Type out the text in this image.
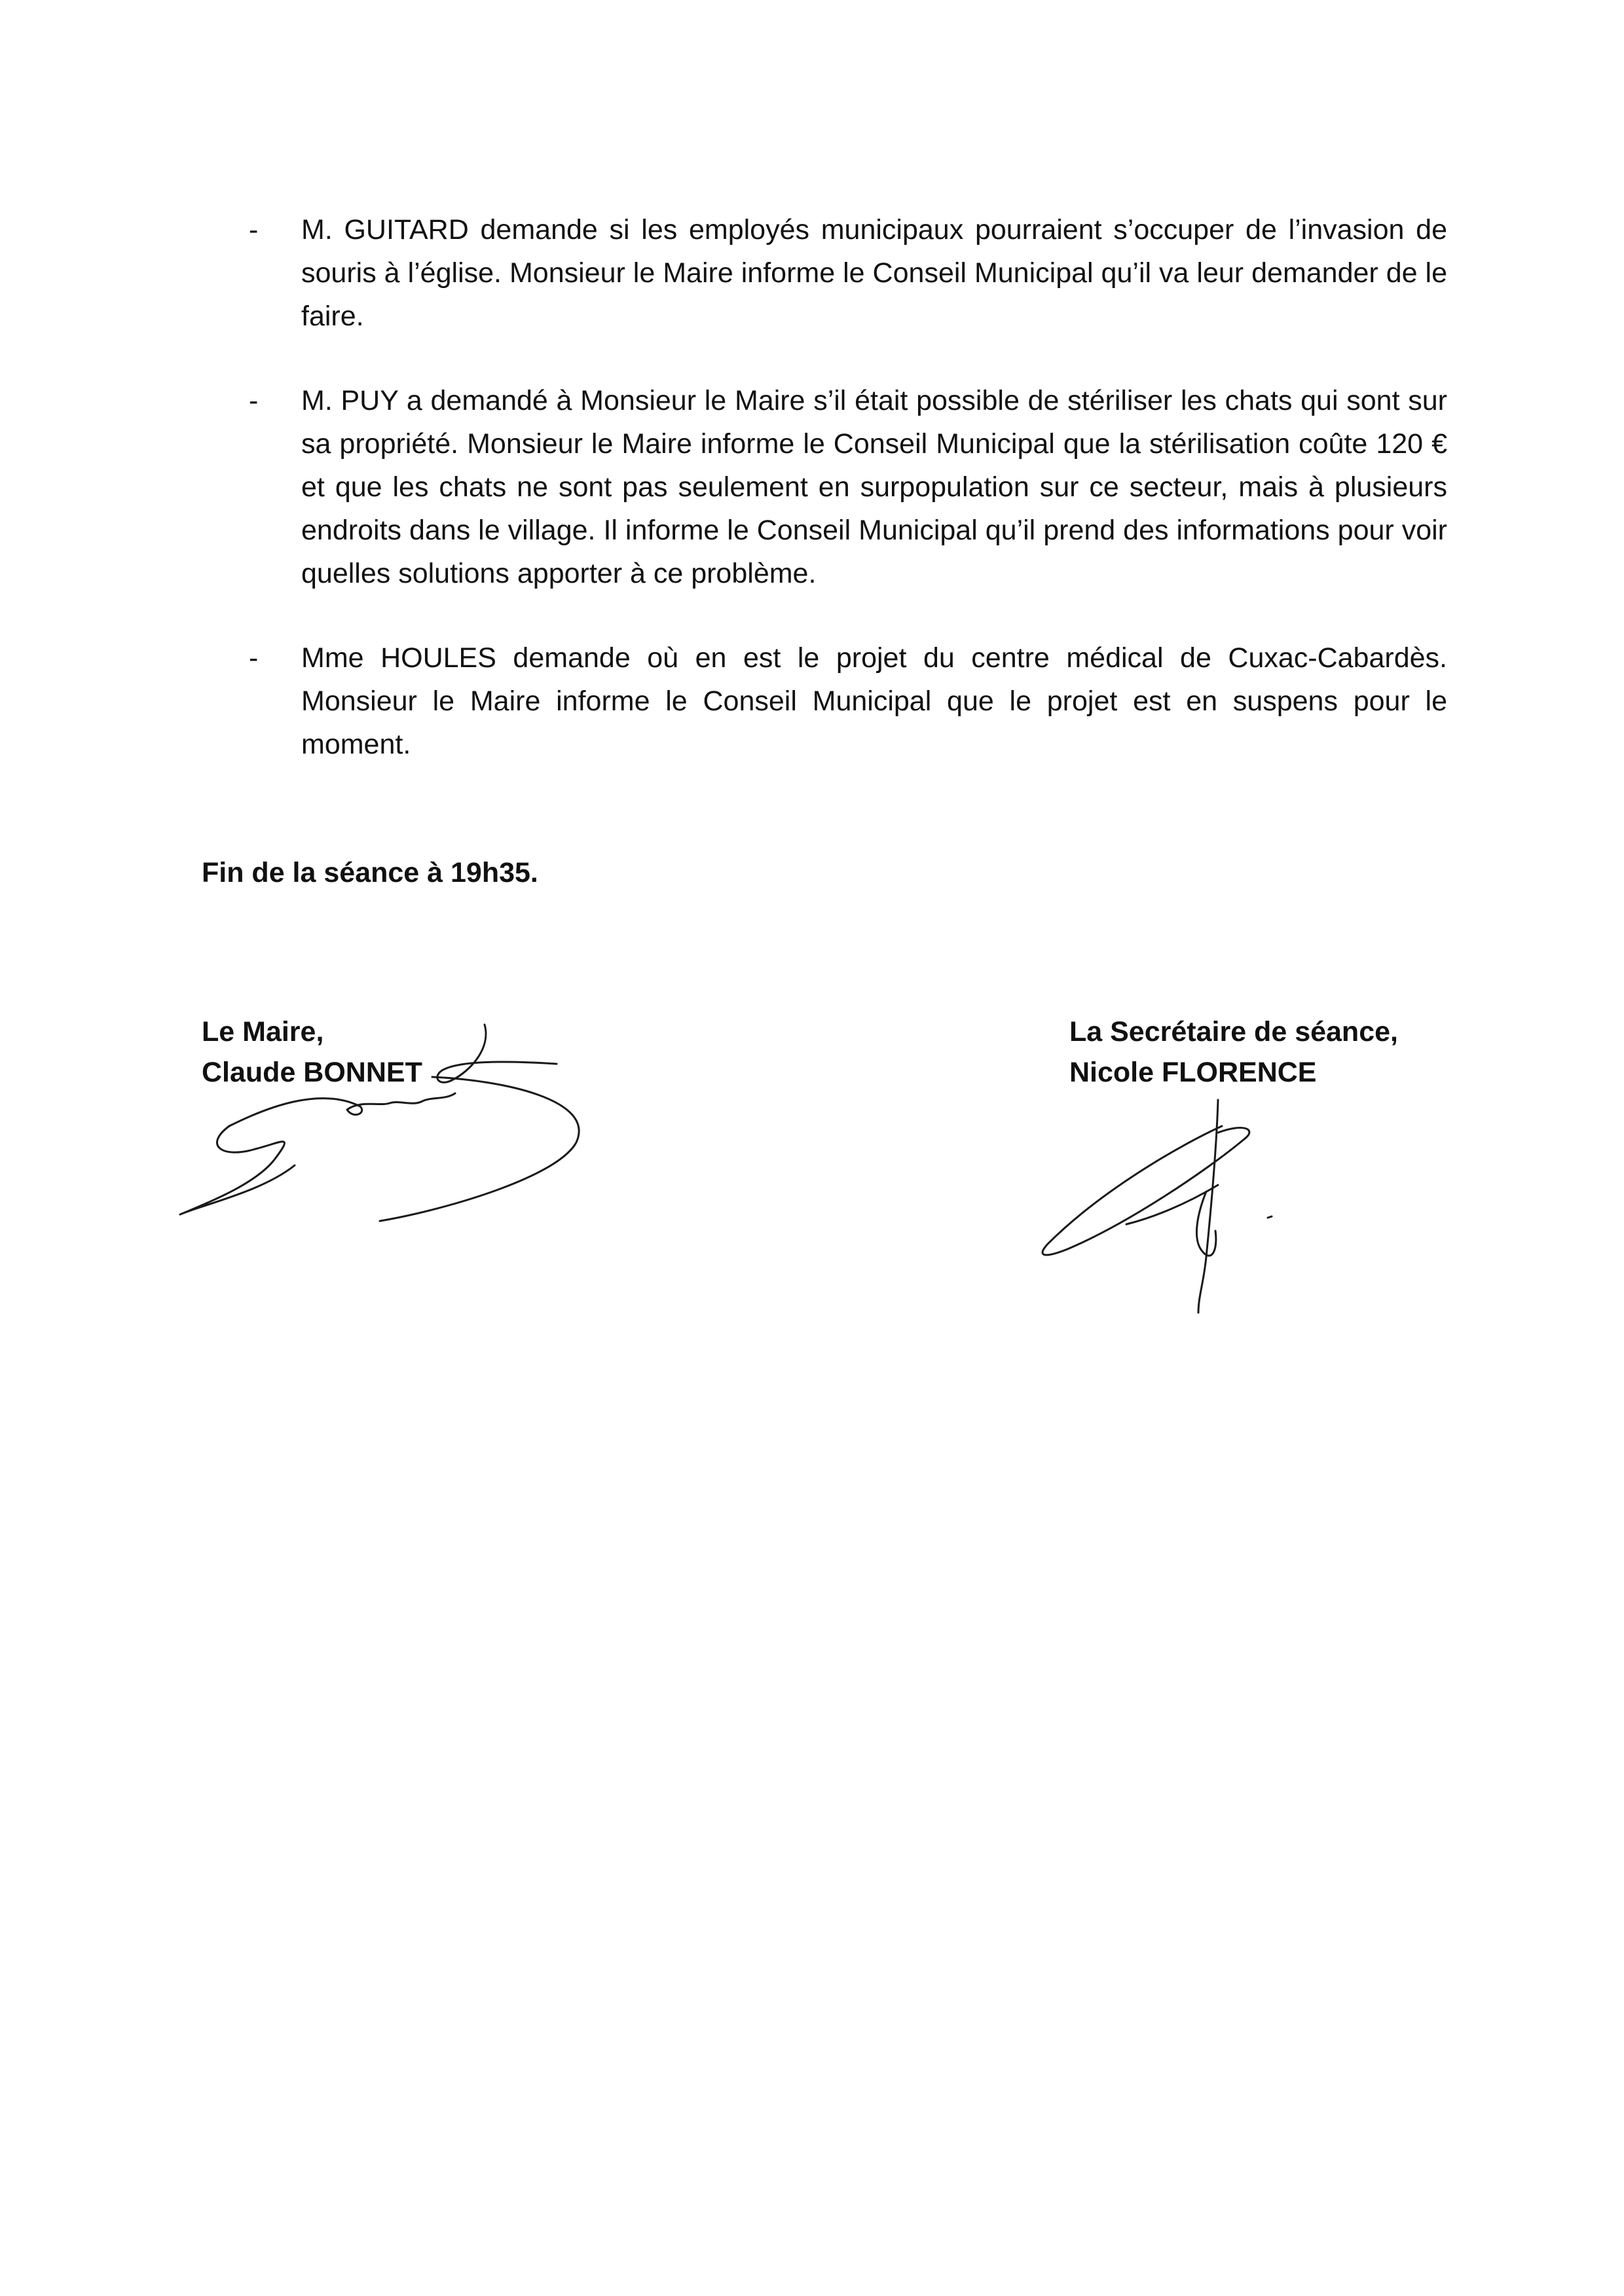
- M. GUITARD demande si les employés municipaux pourraient s’occuper de l’invasion de souris à l’église. Monsieur le Maire informe le Conseil Municipal qu’il va leur demander de le faire.
- M. PUY a demandé à Monsieur le Maire s’il était possible de stériliser les chats qui sont sur sa propriété. Monsieur le Maire informe le Conseil Municipal que la stérilisation coûte 120 € et que les chats ne sont pas seulement en surpopulation sur ce secteur, mais à plusieurs endroits dans le village. Il informe le Conseil Municipal qu’il prend des informations pour voir quelles solutions apporter à ce problème.
- Mme HOULES demande où en est le projet du centre médical de Cuxac-Cabardès. Monsieur le Maire informe le Conseil Municipal que le projet est en suspens pour le moment.

Fin de la séance à 19h35.

Le Maire,
Claude BONNET
La Secrétaire de séance,
Nicole FLORENCE
